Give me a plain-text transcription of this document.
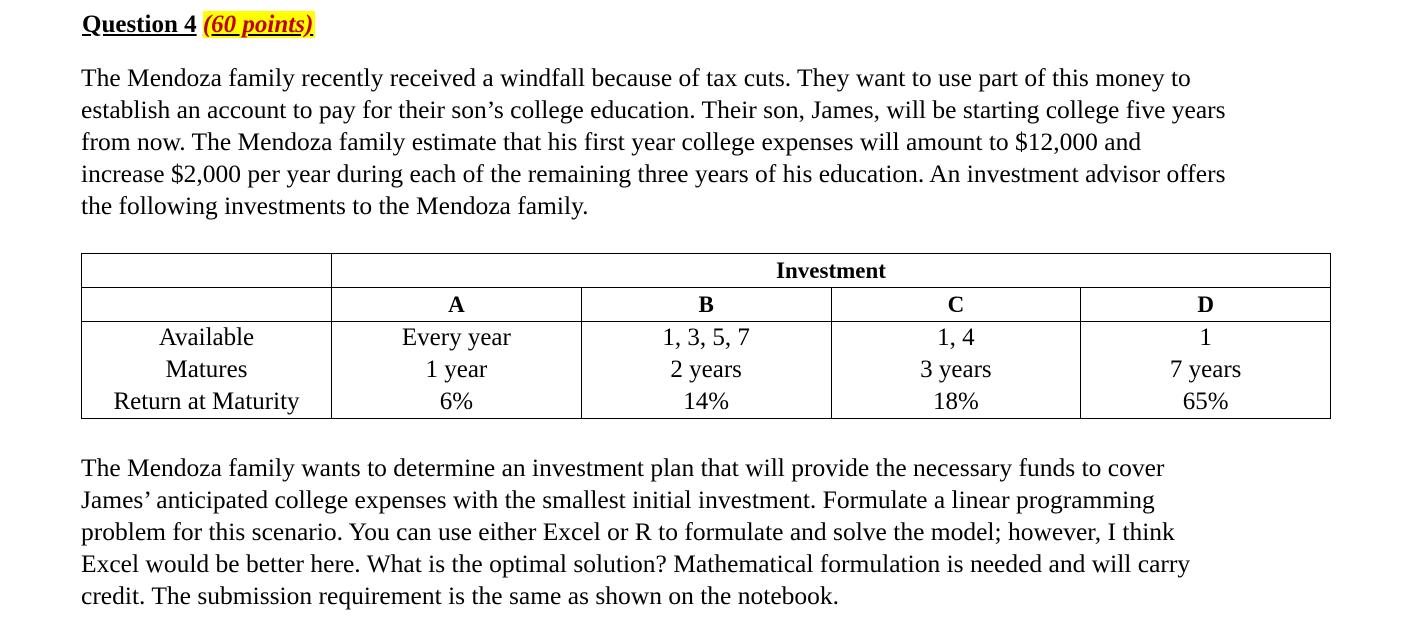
Question 4 (60 points)

The Mendoza family recently received a windfall because of tax cuts. They want to use part of this money to
establish an account to pay for their son’s college education. Their son, James, will be starting college five years
from now. The Mendoza family estimate that his first year college expenses will amount to $12,000 and
increase $2,000 per year during each of the remaining three years of his education. An investment advisor offers
the following investments to the Mendoza family.

	Investment			
	A	B	C	D
Available	Every year	1, 3, 5, 7	1, 4	1
Matures	1 year	2 years	3 years	7 years
Return at Maturity	6%	14%	18%	65%

The Mendoza family wants to determine an investment plan that will provide the necessary funds to cover
James’ anticipated college expenses with the smallest initial investment. Formulate a linear programming
problem for this scenario. You can use either Excel or R to formulate and solve the model; however, I think
Excel would be better here. What is the optimal solution? Mathematical formulation is needed and will carry
credit. The submission requirement is the same as shown on the notebook.
